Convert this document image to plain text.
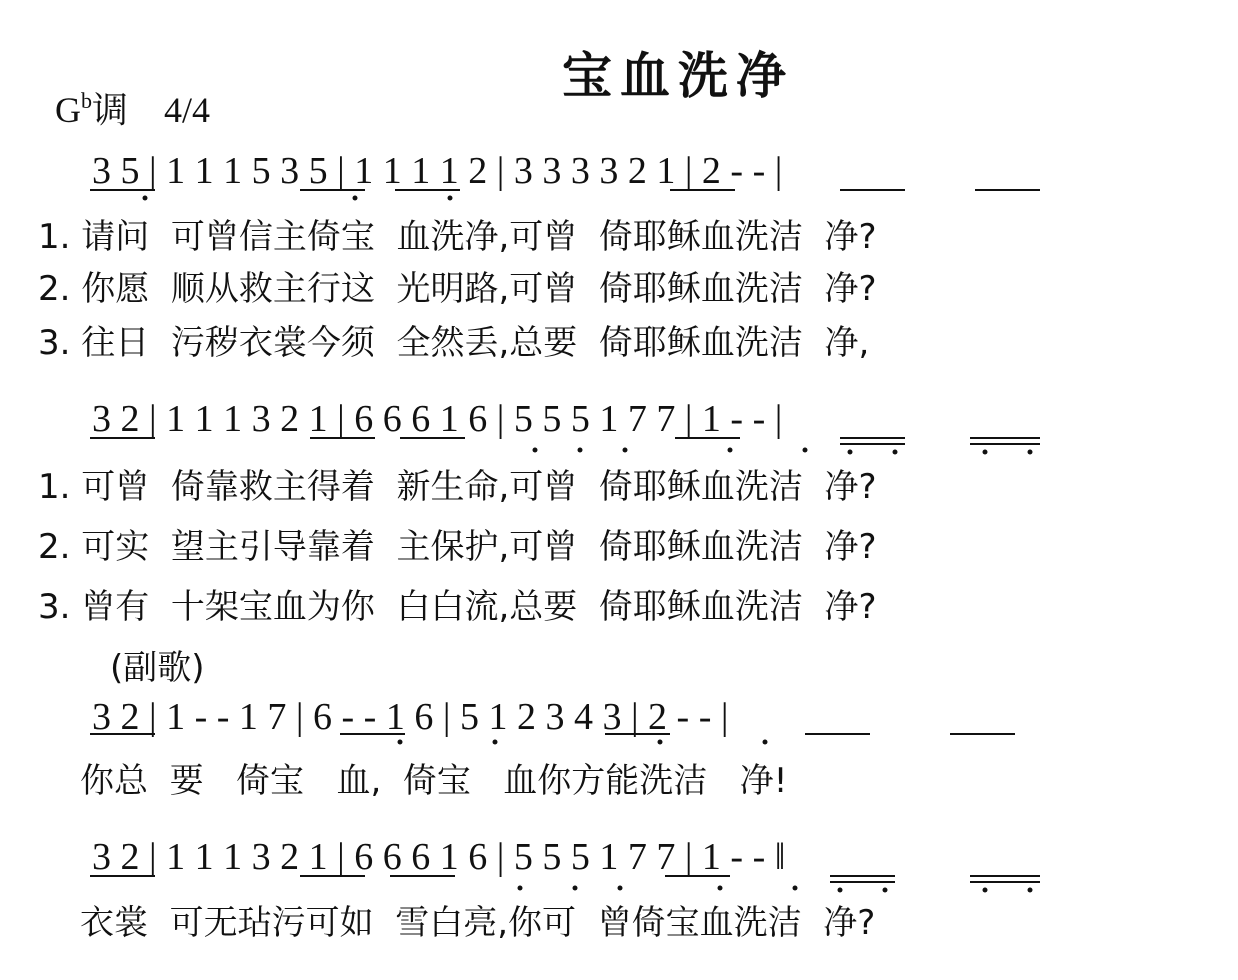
宝血洗净
$G^b$调 4/4
3 5 | 1 1 1 5 3 5 | 1 1 1 1 2 | 3 3 3 3 2 1 | 2 - - |
1. 请问  可曾信主倚宝  血洗净,可曾  倚耶稣血洗洁  净?
2. 你愿  顺从救主行这  光明路,可曾  倚耶稣血洗洁  净?
3. 往日  污秽衣裳今须  全然丢,总要  倚耶稣血洗洁  净,
3 2 | 1 1 1 3 2 1 | 6 6 6 1 6 | 5 5 5 1 7 7 | 1 - - |
1. 可曾  倚靠救主得着  新生命,可曾  倚耶稣血洗洁  净?
2. 可实  望主引导靠着  主保护,可曾  倚耶稣血洗洁  净?
3. 曾有  十架宝血为你  白白流,总要  倚耶稣血洗洁  净?
(副歌)
3 2 | 1 - - 1 7 | 6 - - 1 6 | 5 1 2 3 4 3 | 2 - - |
你总  要   倚宝   血,  倚宝   血你方能洗洁   净!
3 2 | 1 1 1 3 2 1 | 6 6 6 1 6 | 5 5 5 1 7 7 | 1 - - ‖
衣裳  可无玷污可如  雪白亮,你可  曾倚宝血洗洁  净?
